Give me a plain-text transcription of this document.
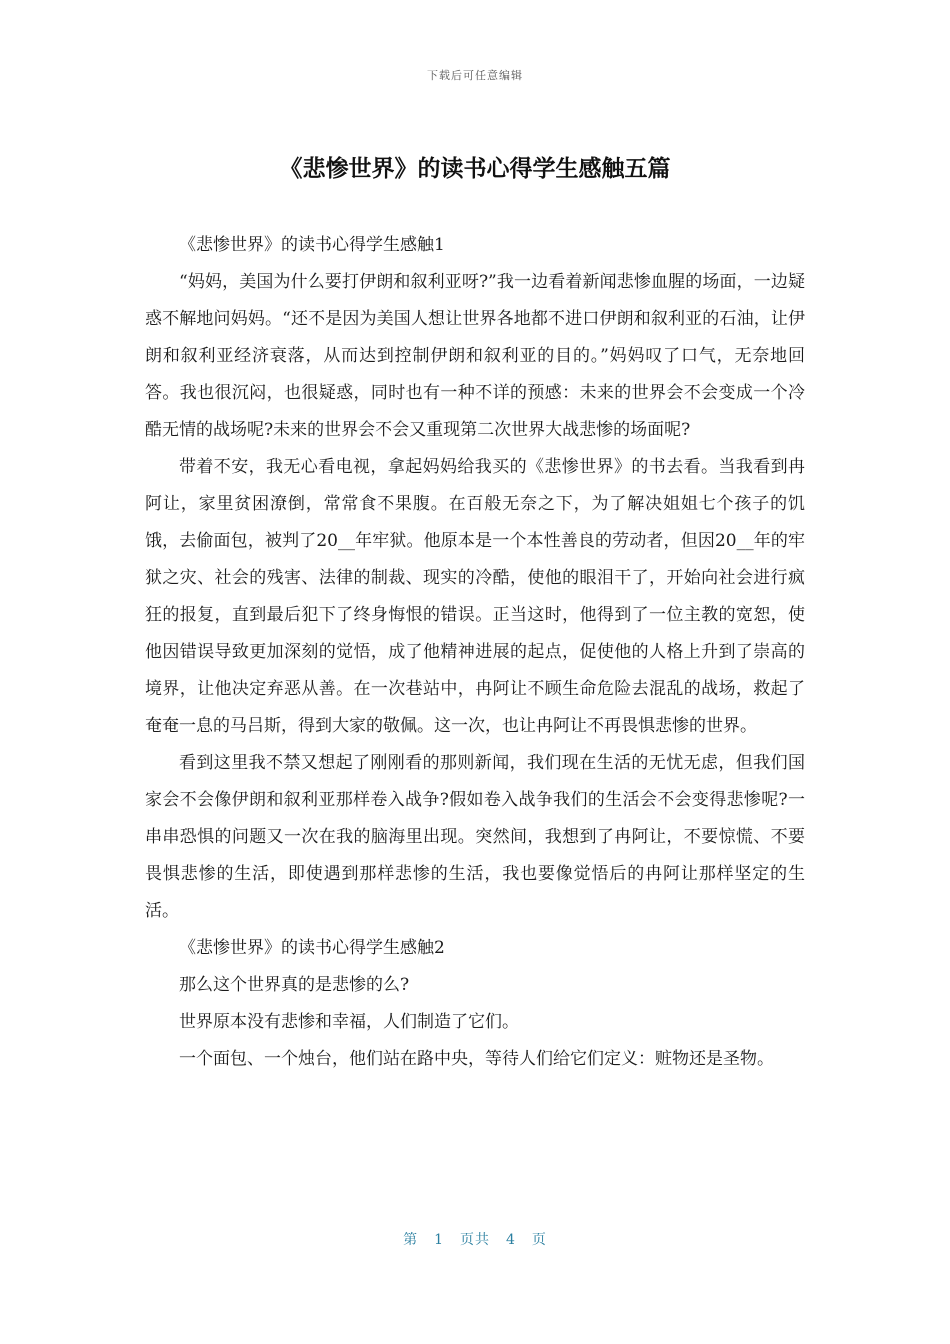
下载后可任意编辑
《悲惨世界》的读书心得学生感触五篇

《悲惨世界》的读书心得学生感触1

“妈妈，美国为什么要打伊朗和叙利亚呀?”我一边看着新闻悲惨血腥的场面，一边疑惑不解地问妈妈。“还不是因为美国人想让世界各地都不进口伊朗和叙利亚的石油，让伊朗和叙利亚经济衰落，从而达到控制伊朗和叙利亚的目的。”妈妈叹了口气，无奈地回答。我也很沉闷，也很疑惑，同时也有一种不详的预感：未来的世界会不会变成一个冷酷无情的战场呢?未来的世界会不会又重现第二次世界大战悲惨的场面呢?

带着不安，我无心看电视，拿起妈妈给我买的《悲惨世界》的书去看。当我看到冉阿让，家里贫困潦倒，常常食不果腹。在百般无奈之下，为了解决姐姐七个孩子的饥饿，去偷面包，被判了20__年牢狱。他原本是一个本性善良的劳动者，但因20__年的牢狱之灾、社会的残害、法律的制裁、现实的冷酷，使他的眼泪干了，开始向社会进行疯狂的报复，直到最后犯下了终身悔恨的错误。正当这时，他得到了一位主教的宽恕，使他因错误导致更加深刻的觉悟，成了他精神进展的起点，促使他的人格上升到了崇高的境界，让他决定弃恶从善。在一次巷站中，冉阿让不顾生命危险去混乱的战场，救起了奄奄一息的马吕斯，得到大家的敬佩。这一次，也让冉阿让不再畏惧悲惨的世界。

看到这里我不禁又想起了刚刚看的那则新闻，我们现在生活的无忧无虑，但我们国家会不会像伊朗和叙利亚那样卷入战争?假如卷入战争我们的生活会不会变得悲惨呢?一串串恐惧的问题又一次在我的脑海里出现。突然间，我想到了冉阿让，不要惊慌、不要畏惧悲惨的生活，即使遇到那样悲惨的生活，我也要像觉悟后的冉阿让那样坚定的生活。

《悲惨世界》的读书心得学生感触2

那么这个世界真的是悲惨的么?

世界原本没有悲惨和幸福，人们制造了它们。

一个面包、一个烛台，他们站在路中央，等待人们给它们定义：赃物还是圣物。

第 1 页共 4 页
